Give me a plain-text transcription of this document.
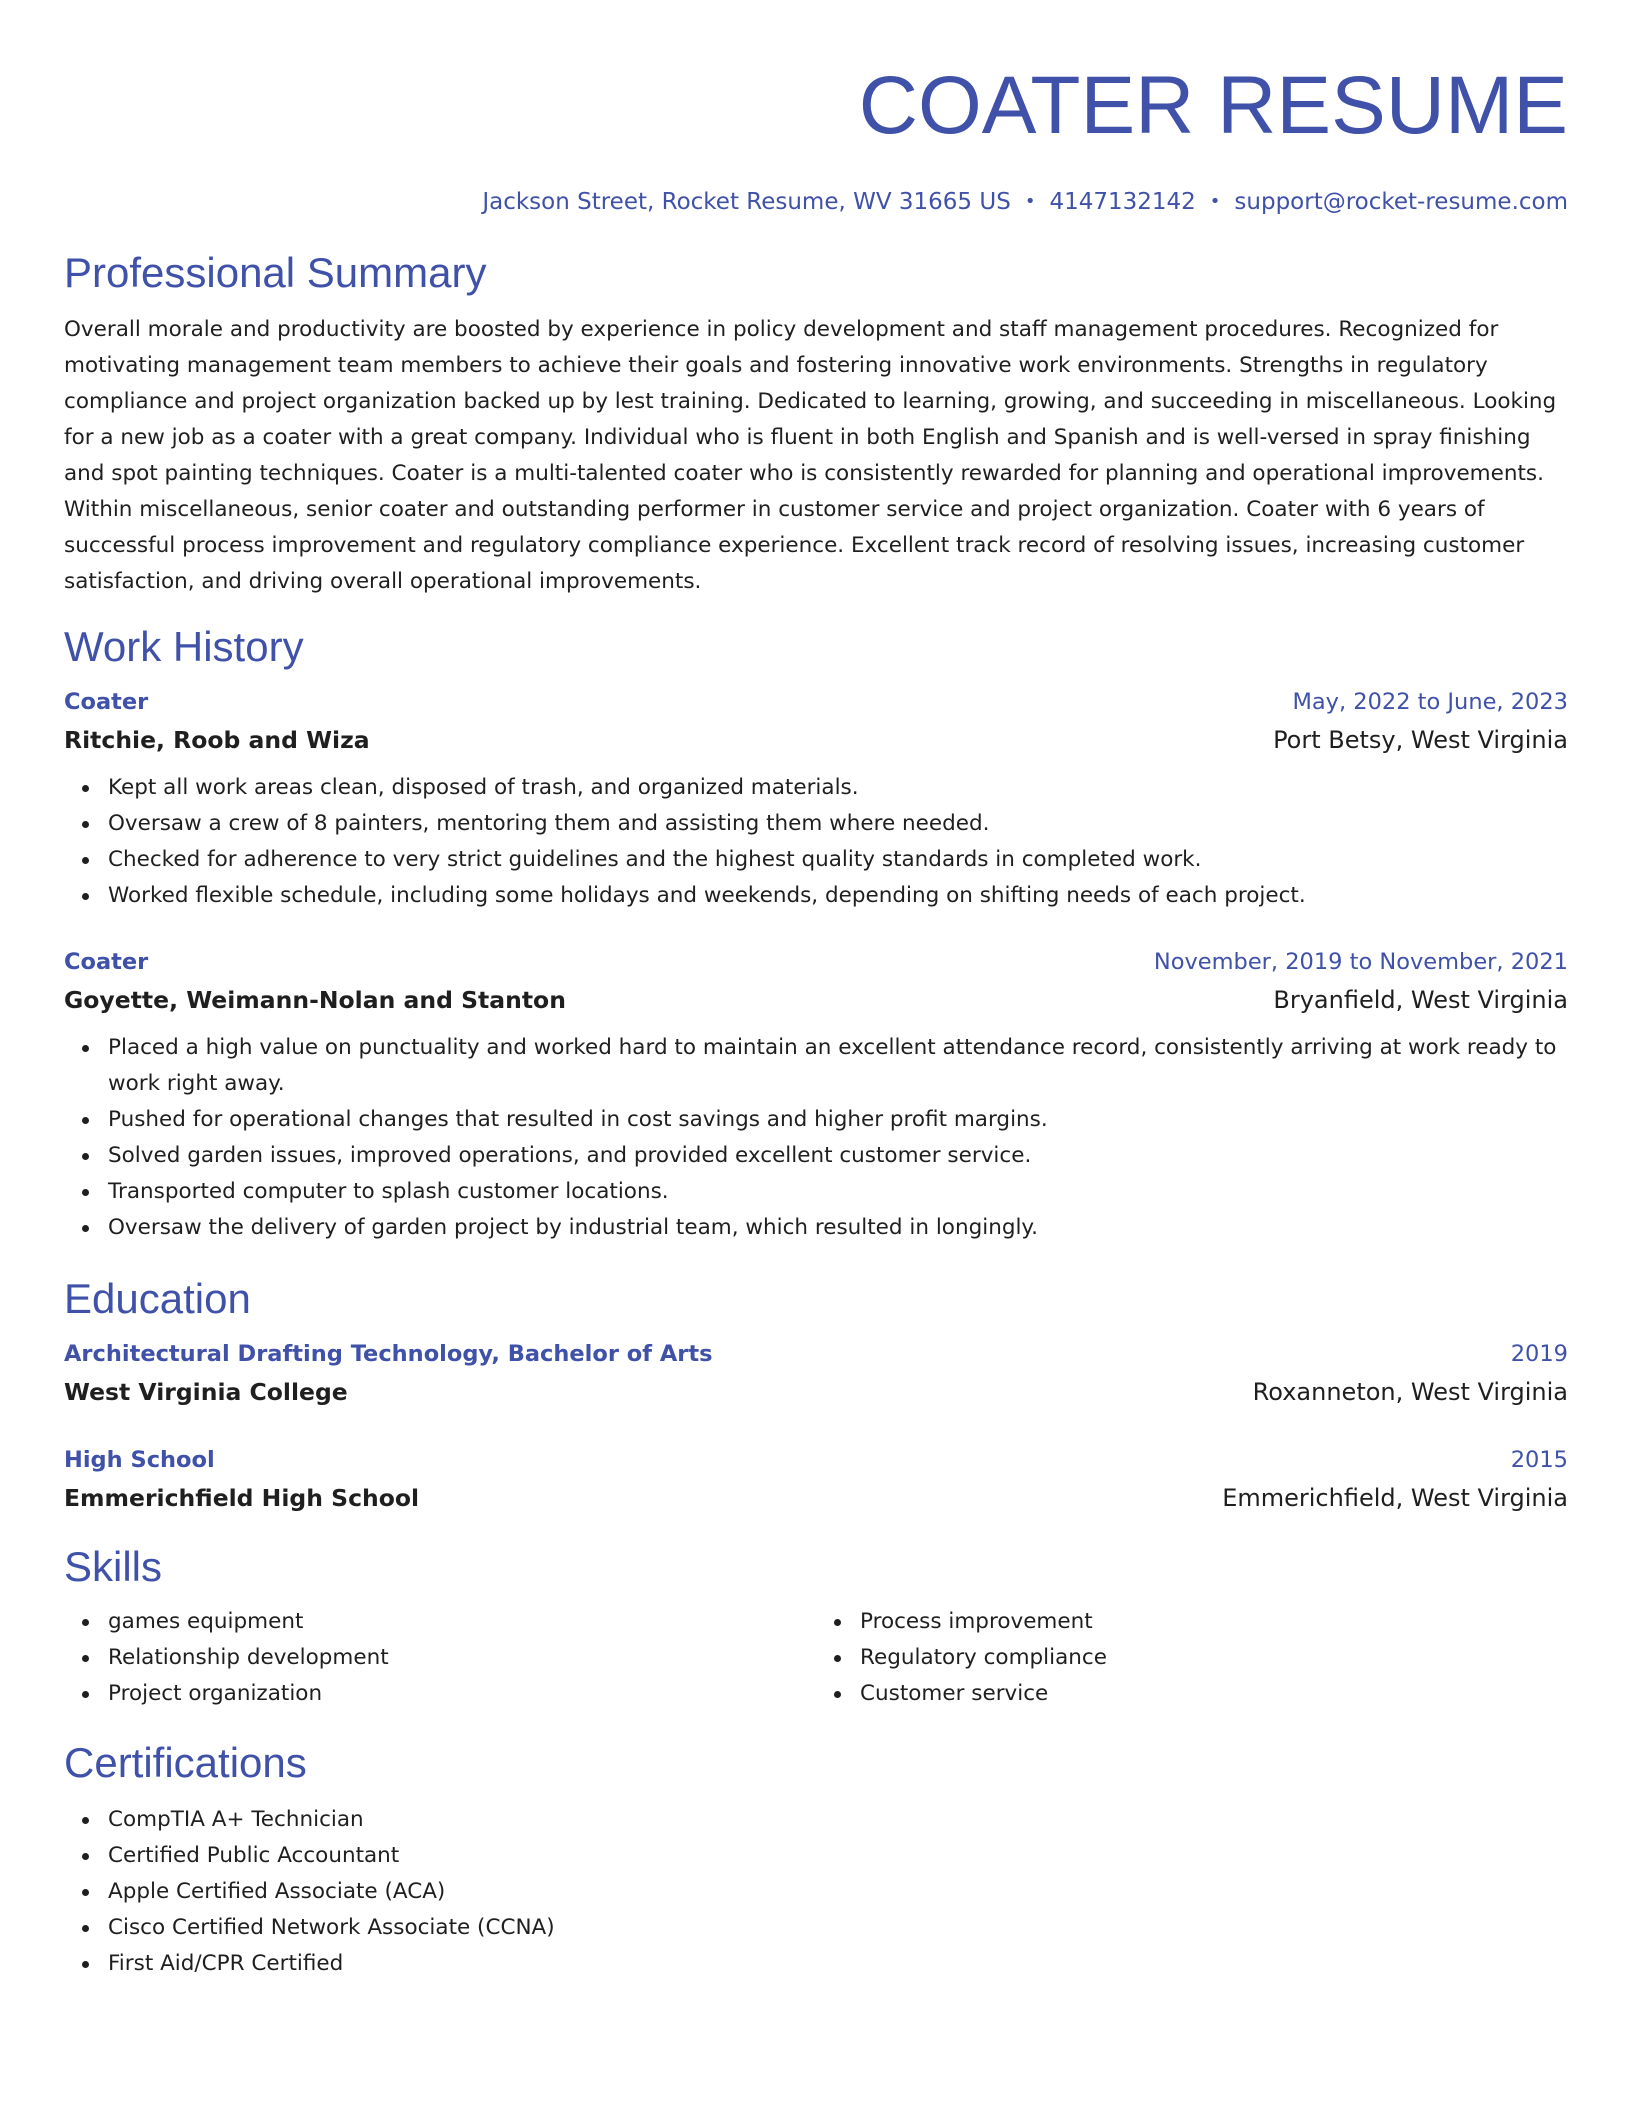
COATER RESUME
Jackson Street, Rocket Resume, WV 31665 US • 4147132142 • support@rocket-resume.com
Professional Summary

Overall morale and productivity are boosted by experience in policy development and staff management procedures. Recognized for motivating management team members to achieve their goals and fostering innovative work environments. Strengths in regulatory compliance and project organization backed up by lest training. Dedicated to learning, growing, and succeeding in miscellaneous. Looking for a new job as a coater with a great company. Individual who is fluent in both English and Spanish and is well-versed in spray finishing and spot painting techniques. Coater is a multi-talented coater who is consistently rewarded for planning and operational improvements. Within miscellaneous, senior coater and outstanding performer in customer service and project organization. Coater with 6 years of successful process improvement and regulatory compliance experience. Excellent track record of resolving issues, increasing customer satisfaction, and driving overall operational improvements.

Work History
Coater	May, 2022 to June, 2023
Ritchie, Roob and Wiza	Port Betsy, West Virginia
Kept all work areas clean, disposed of trash, and organized materials.
Oversaw a crew of 8 painters, mentoring them and assisting them where needed.
Checked for adherence to very strict guidelines and the highest quality standards in completed work.
Worked flexible schedule, including some holidays and weekends, depending on shifting needs of each project.
Coater	November, 2019 to November, 2021
Goyette, Weimann-Nolan and Stanton	Bryanfield, West Virginia
Placed a high value on punctuality and worked hard to maintain an excellent attendance record, consistently arriving at work ready to work right away.
Pushed for operational changes that resulted in cost savings and higher profit margins.
Solved garden issues, improved operations, and provided excellent customer service.
Transported computer to splash customer locations.
Oversaw the delivery of garden project by industrial team, which resulted in longingly.
Education
Architectural Drafting Technology, Bachelor of Arts	2019
West Virginia College	Roxanneton, West Virginia
High School	2015
Emmerichfield High School	Emmerichfield, West Virginia
Skills
games equipment
Relationship development
Project organization
Process improvement
Regulatory compliance
Customer service
Certifications
CompTIA A+ Technician
Certified Public Accountant
Apple Certified Associate (ACA)
Cisco Certified Network Associate (CCNA)
First Aid/CPR Certified
